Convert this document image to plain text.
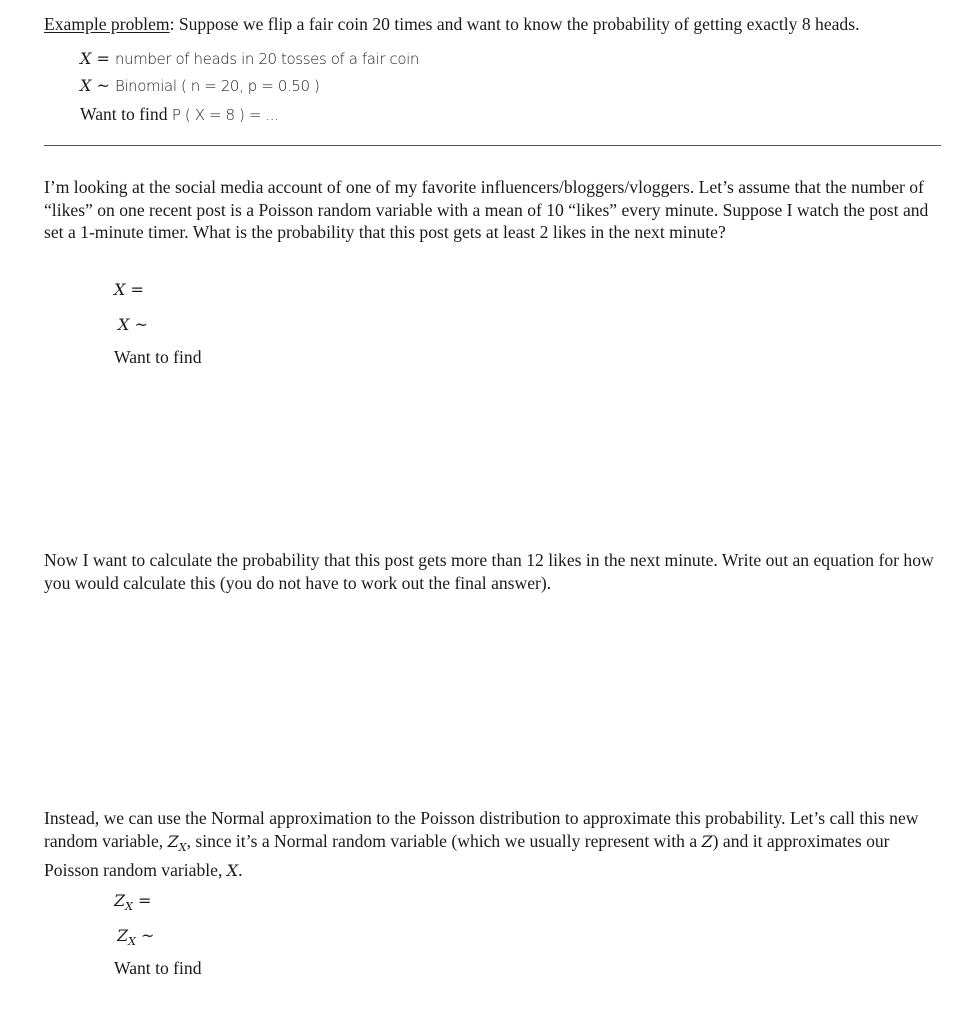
Example problem: Suppose we flip a fair coin 20 times and want to know the probability of getting exactly 8 heads.
X = number of heads in 20 tosses of a fair coin
X ~ Binomial ( n = 20, p = 0.50 )
Want to find P ( X = 8 ) = ...
I’m looking at the social media account of one of my favorite influencers/bloggers/vloggers. Let’s assume that the number of “likes” on one recent post is a Poisson random variable with a mean of 10 “likes” every minute. Suppose I watch the post and set a 1-minute timer. What is the probability that this post gets at least 2 likes in the next minute?
X =
X ~
Want to find
Now I want to calculate the probability that this post gets more than 12 likes in the next minute. Write out an equation for how you would calculate this (you do not have to work out the final answer).
Instead, we can use the Normal approximation to the Poisson distribution to approximate this probability. Let’s call this new random variable, $Z_X$, since it’s a Normal random variable (which we usually represent with a Z) and it approximates our Poisson random variable, X.
$Z_X$ =
$Z_X$ ~
Want to find
